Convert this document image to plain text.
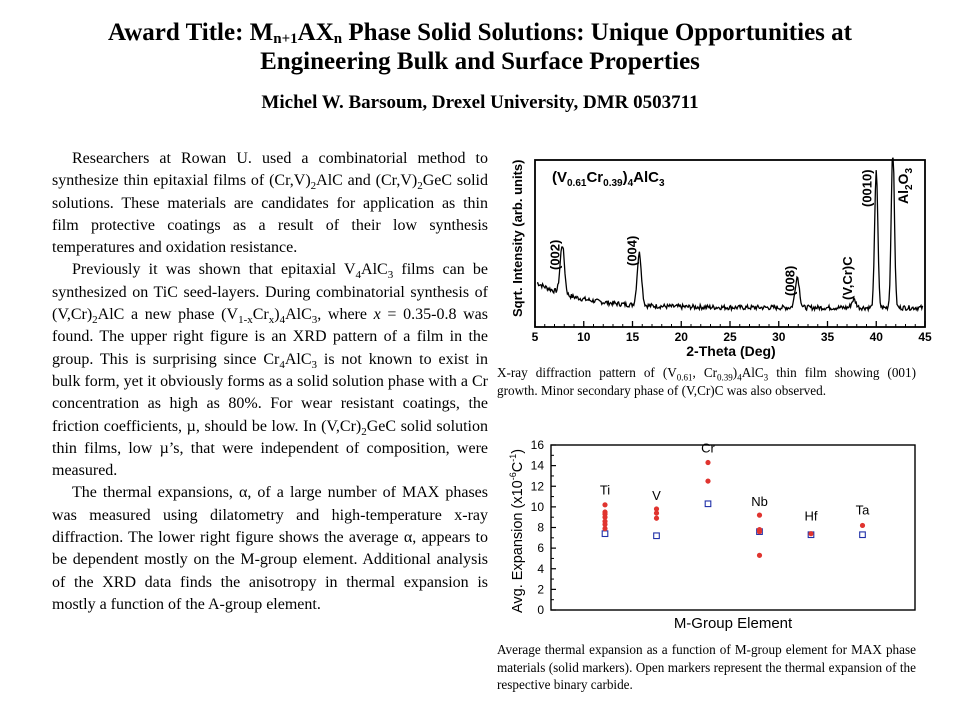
Award Title: $M_{n+1}AX_n$ Phase Solid Solutions: Unique Opportunities at
Engineering Bulk and Surface Properties
Michel W. Barsoum, Drexel University, DMR 0503711

Researchers at Rowan U. used a combinatorial method to synthesize thin epitaxial films of $(Cr,V)_2AlC$ and $(Cr,V)_2GeC$ solid solutions. These materials are candidates for application as thin film protective coatings as a result of their low synthesis temperatures and oxidation resistance.

Previously it was shown that epitaxial $V_4AlC_3$ films can be synthesized on TiC seed-layers. During combinatorial synthesis of $(V,Cr)_2AlC$ a new phase $(V_{1-x}Cr_x)_4AlC_3$, where x = 0.35-0.8 was found. The upper right figure is an XRD pattern of a film in the group. This is surprising since $Cr_4AlC_3$ is not known to exist in bulk form, yet it obviously forms as a solid solution phase with a Cr concentration as high as 80%. For wear resistant coatings, the friction coefficients, µ, should be low. In $(V,Cr)_2GeC$ solid solution thin films, low µ’s, that were independent of composition, were measured.

The thermal expansions, α, of a large number of MAX phases was measured using dilatometry and high-temperature x-ray diffraction. The lower right figure shows the average α, appears to be dependent mostly on the M-group element. Additional analysis of the XRD data finds the anisotropy in thermal expansion is mostly a function of the A-group element.

5	10	15	20	25	30	35	40	45
(002)	(004)
(008)	(V,Cr)C
(0010)
Sqrt. Intensity (arb. units)
2-Theta (Deg)
$(V_{0.61}Cr_{0.39})_4AlC_3$
$Al_2O_3$
X-ray diffraction pattern of ($V_{0.61}$, $Cr_{0.39})_4AlC_3$ thin film showing (001) growth. Minor secondary phase of (V,Cr)C was also observed.
0
2
4
6
8
10
12
14
16
Ti	V
Cr
Nb
Hf	Ta
Avg. Expansion $(x10^{-6}C^{-1})$
M-Group Element
Average thermal expansion as a function of M-group element for MAX phase materials (solid markers). Open markers represent the thermal expansion of the respective binary carbide.
